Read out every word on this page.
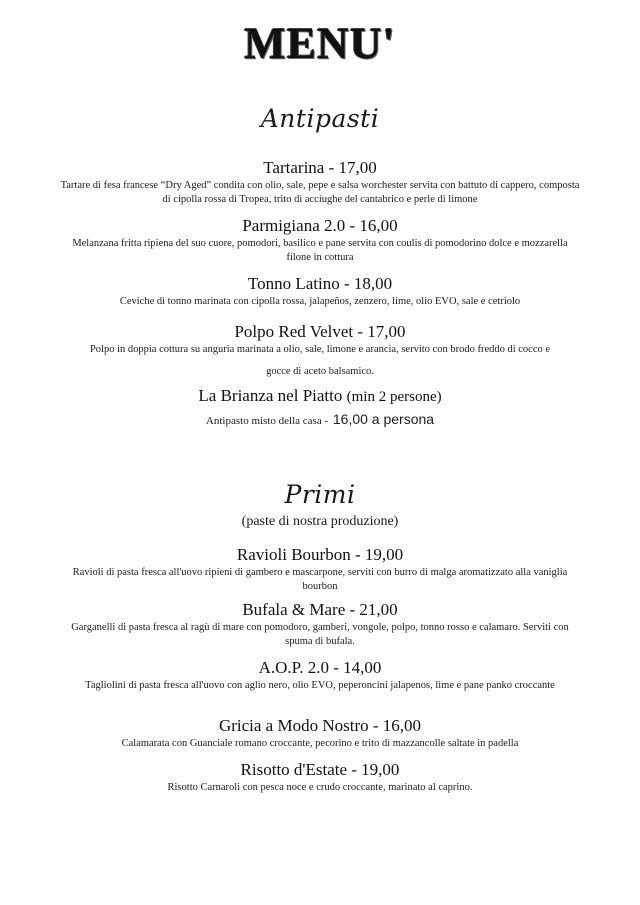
MENU'
Antipasti
Tartarina - 17,00
Tartare di fesa francese “Dry Aged” condita con olio, sale, pepe e salsa worchester servita con battuto di cappero, composta di cipolla rossa di Tropea, trito di acciughe del cantabrico e perle di limone
Parmigiana 2.0 - 16,00
Melanzana fritta ripiena del suo cuore, pomodori, basilico e pane servita con coulis di pomodorino dolce e mozzarella filone in cottura
Tonno Latino - 18,00
Ceviche di tonno marinata con cipolla rossa, jalapeños, zenzero, lime, olio EVO, sale e cetriolo
Polpo Red Velvet - 17,00
Polpo in doppia cottura su anguria marinata a olio, sale, limone e arancia, servito con brodo freddo di cocco e
gocce di aceto balsamico.
La Brianza nel Piatto (min 2 persone)
Antipasto misto della casa - 16,00 a persona
Primi
(paste di nostra produzione)
Ravioli Bourbon - 19,00
Ravioli di pasta fresca all'uovo ripieni di gambero e mascarpone, serviti con burro di malga aromatizzato alla vaniglia bourbon
Bufala & Mare - 21,00
Garganelli di pasta fresca al ragù di mare con pomodoro, gamberi, vongole, polpo, tonno rosso e calamaro. Serviti con spuma di bufala.
A.O.P. 2.0 - 14,00
Tagliolini di pasta fresca all'uovo con aglio nero, olio EVO, peperoncini jalapenos, lime e pane panko croccante
Gricia a Modo Nostro - 16,00
Calamarata con Guanciale romano croccante, pecorino e trito di mazzancolle saltate in padella
Risotto d'Estate - 19,00
Risotto Carnaroli con pesca noce e crudo croccante, marinato al caprino.
